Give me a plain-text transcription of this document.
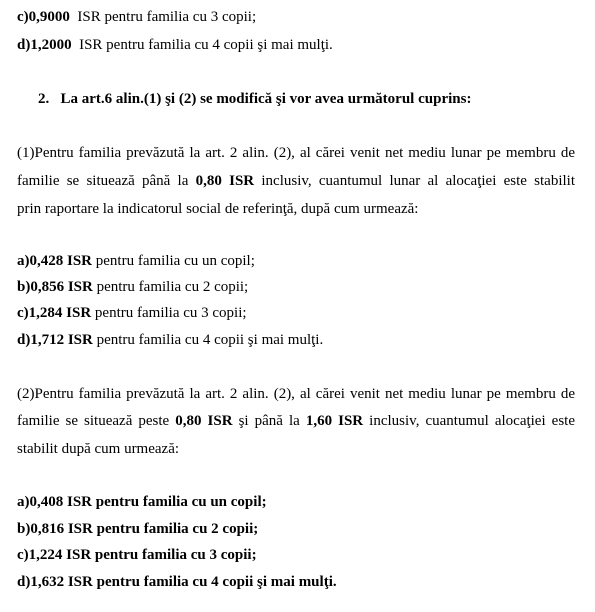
c)0,9000 ISR pentru familia cu 3 copii;
d)1,2000 ISR pentru familia cu 4 copii şi mai mulţi.
2.   La art.6 alin.(1) şi (2) se modifică şi vor avea următorul cuprins:
(1)Pentru familia prevăzută la art. 2 alin. (2), al cărei venit net mediu lunar pe membru de
familie se situează până la 0,80 ISR inclusiv, cuantumul lunar al alocaţiei este stabilit
prin raportare la indicatorul social de referinţă, după cum urmează:
a)0,428 ISR pentru familia cu un copil;
b)0,856 ISR pentru familia cu 2 copii;
c)1,284 ISR pentru familia cu 3 copii;
d)1,712 ISR pentru familia cu 4 copii şi mai mulţi.
(2)Pentru familia prevăzută la art. 2 alin. (2), al cărei venit net mediu lunar pe membru de
familie se situează peste 0,80 ISR şi până la 1,60 ISR inclusiv, cuantumul alocaţiei este
stabilit după cum urmează:
a)0,408 ISR pentru familia cu un copil;
b)0,816 ISR pentru familia cu 2 copii;
c)1,224 ISR pentru familia cu 3 copii;
d)1,632 ISR pentru familia cu 4 copii şi mai mulţi.
